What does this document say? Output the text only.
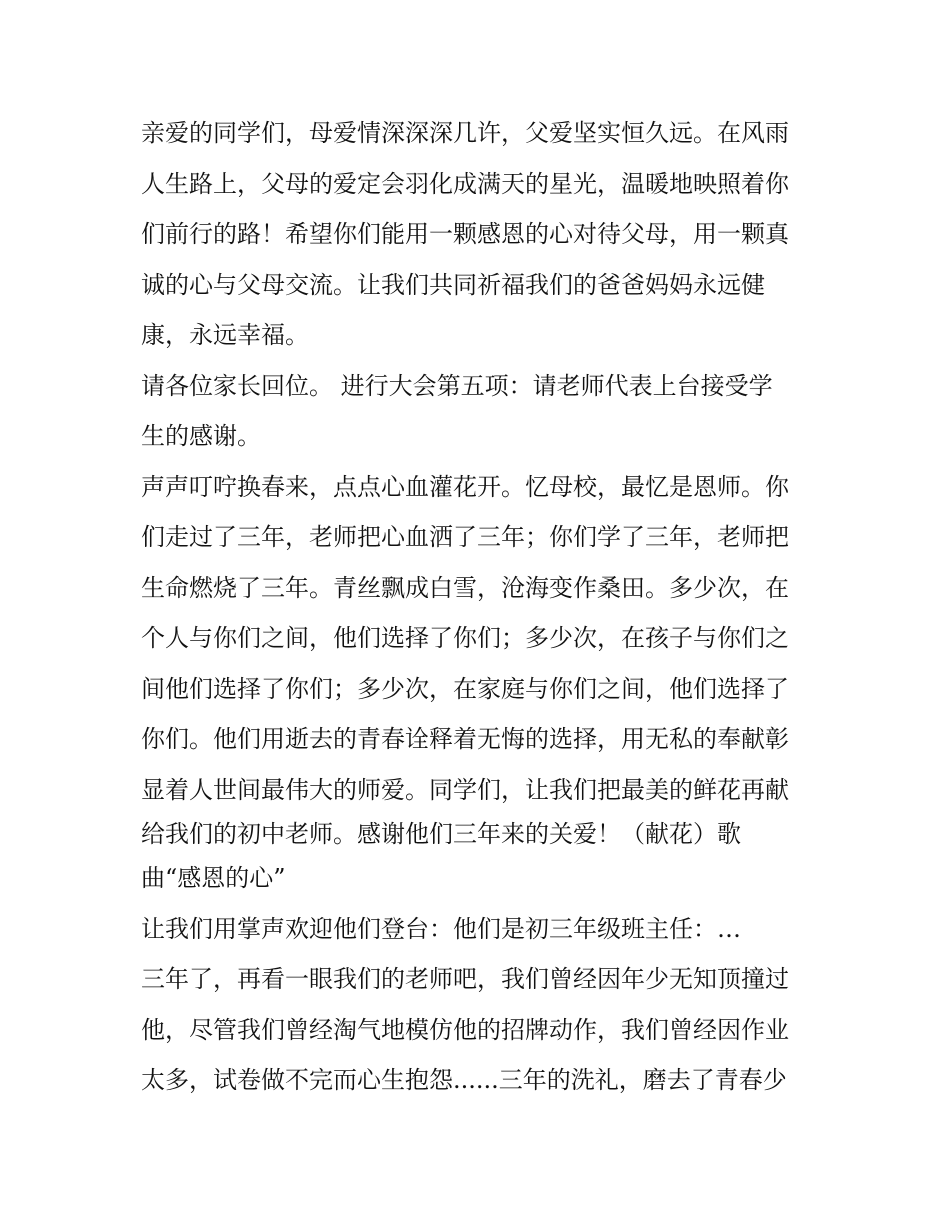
亲爱的同学们，母爱情深深深几许，父爱坚实恒久远。在风雨
人生路上，父母的爱定会羽化成满天的星光，温暖地映照着你
们前行的路！希望你们能用一颗感恩的心对待父母，用一颗真
诚的心与父母交流。让我们共同祈福我们的爸爸妈妈永远健
康，永远幸福。
请各位家长回位。 进行大会第五项：请老师代表上台接受学
生的感谢。
声声叮咛换春来，点点心血灌花开。忆母校，最忆是恩师。你
们走过了三年，老师把心血洒了三年；你们学了三年，老师把
生命燃烧了三年。青丝飘成白雪，沧海变作桑田。多少次，在
个人与你们之间，他们选择了你们；多少次，在孩子与你们之
间他们选择了你们；多少次，在家庭与你们之间，他们选择了
你们。他们用逝去的青春诠释着无悔的选择，用无私的奉献彰
显着人世间最伟大的师爱。同学们，让我们把最美的鲜花再献
给我们的初中老师。感谢他们三年来的关爱！（献花）歌
曲“感恩的心”
让我们用掌声欢迎他们登台：他们是初三年级班主任：…
三年了，再看一眼我们的老师吧，我们曾经因年少无知顶撞过
他，尽管我们曾经淘气地模仿他的招牌动作，我们曾经因作业
太多，试卷做不完而心生抱怨......三年的洗礼，磨去了青春少
